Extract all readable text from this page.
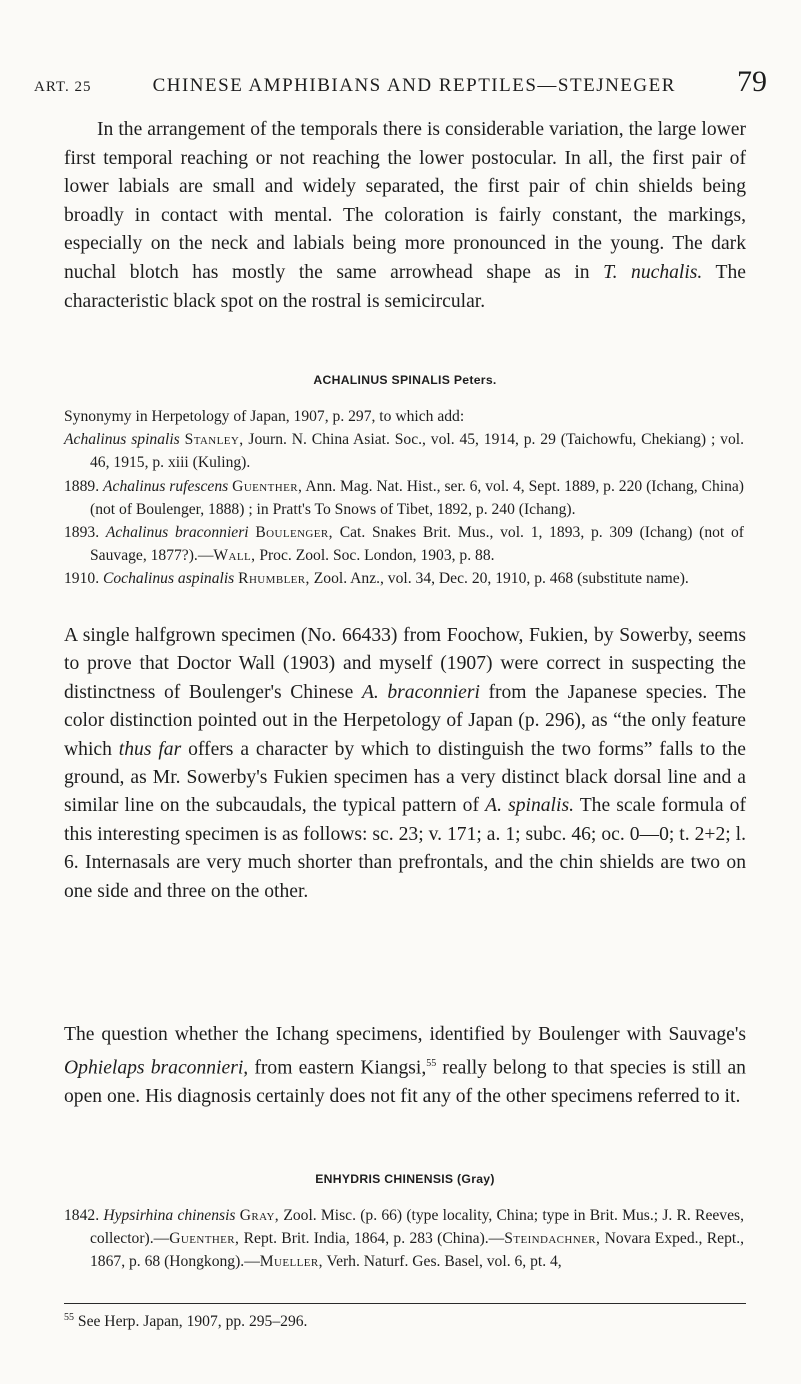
ART. 25	CHINESE AMPHIBIANS AND REPTILES—STEJNEGER 79

In the arrangement of the temporals there is considerable variation, the large lower first temporal reaching or not reaching the lower postocular. In all, the first pair of lower labials are small and widely separated, the first pair of chin shields being broadly in contact with mental. The coloration is fairly constant, the markings, especially on the neck and labials being more pronounced in the young. The dark nuchal blotch has mostly the same arrowhead shape as in T. nuchalis. The characteristic black spot on the rostral is semicircular.

ACHALINUS SPINALIS Peters.
Synonymy in Herpetology of Japan, 1907, p. 297, to which add:
Achalinus spinalis Stanley, Journ. N. China Asiat. Soc., vol. 45, 1914, p. 29 (Taichowfu, Chekiang) ; vol. 46, 1915, p. xiii (Kuling).
1889. Achalinus rufescens Guenther, Ann. Mag. Nat. Hist., ser. 6, vol. 4, Sept. 1889, p. 220 (Ichang, China) (not of Boulenger, 1888) ; in Pratt's To Snows of Tibet, 1892, p. 240 (Ichang).
1893. Achalinus braconnieri Boulenger, Cat. Snakes Brit. Mus., vol. 1, 1893, p. 309 (Ichang) (not of Sauvage, 1877?).—Wall, Proc. Zool. Soc. London, 1903, p. 88.
1910. Cochalinus aspinalis Rhumbler, Zool. Anz., vol. 34, Dec. 20, 1910, p. 468 (substitute name).

A single halfgrown specimen (No. 66433) from Foochow, Fukien, by Sowerby, seems to prove that Doctor Wall (1903) and myself (1907) were correct in suspecting the distinctness of Boulenger's Chinese A. braconnieri from the Japanese species. The color distinction pointed out in the Herpetology of Japan (p. 296), as “the only feature which thus far offers a character by which to distinguish the two forms” falls to the ground, as Mr. Sowerby's Fukien specimen has a very distinct black dorsal line and a similar line on the subcaudals, the typical pattern of A. spinalis. The scale formula of this interesting specimen is as follows: sc. 23; v. 171; a. 1; subc. 46; oc. 0—0; t. 2+2; l. 6. Internasals are very much shorter than prefrontals, and the chin shields are two on one side and three on the other.

The question whether the Ichang specimens, identified by Boulenger with Sauvage's Ophielaps braconnieri, from eastern Kiangsi,$^{55}$ really belong to that species is still an open one. His diagnosis certainly does not fit any of the other specimens referred to it.

ENHYDRIS CHINENSIS (Gray)
1842. Hypsirhina chinensis Gray, Zool. Misc. (p. 66) (type locality, China; type in Brit. Mus.; J. R. Reeves, collector).—Guenther, Rept. Brit. India, 1864, p. 283 (China).—Steindachner, Novara Exped., Rept., 1867, p. 68 (Hongkong).—Mueller, Verh. Naturf. Ges. Basel, vol. 6, pt. 4,

$^{55}$ See Herp. Japan, 1907, pp. 295–296.
